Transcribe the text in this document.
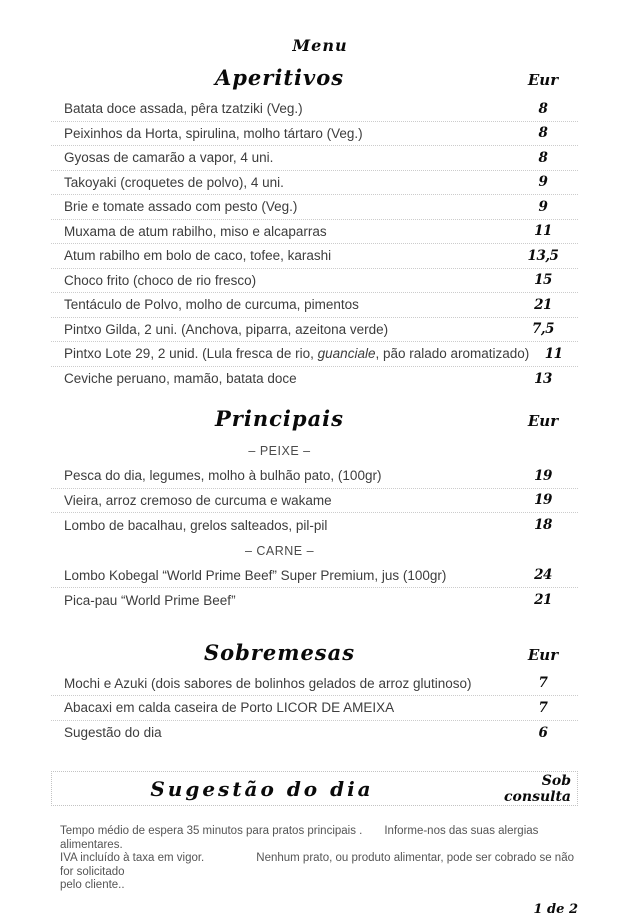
Menu
Aperitivos	Eur
Batata doce assada, pêra tzatziki (Veg.)	8
Peixinhos da Horta, spirulina, molho tártaro (Veg.)	8
Gyosas de camarão a vapor, 4 uni.	8
Takoyaki (croquetes de polvo), 4 uni.	9
Brie e tomate assado com pesto (Veg.)	9
Muxama de atum rabilho, miso e alcaparras	11
Atum rabilho em bolo de caco, tofee, karashi	13,5
Choco frito (choco de rio fresco)	15
Tentáculo de Polvo, molho de curcuma, pimentos	21
Pintxo Gilda, 2 uni. (Anchova, piparra, azeitona verde)	7,5
Pintxo Lote 29, 2 unid. (Lula fresca de rio, guanciale, pão ralado aromatizado)	11
Ceviche peruano, mamão, batata doce	13
Principais	Eur
– PEIXE –
Pesca do dia, legumes, molho à bulhão pato, (100gr)	19
Vieira, arroz cremoso de curcuma e wakame	19
Lombo de bacalhau, grelos salteados, pil-pil	18
– CARNE –
Lombo Kobegal “World Prime Beef” Super Premium, jus (100gr)	24
Pica-pau “World Prime Beef”	21
Sobremesas	Eur
Mochi e Azuki (dois sabores de bolinhos gelados de arroz glutinoso)	7
Abacaxi em calda caseira de Porto LICOR DE AMEIXA	7
Sugestão do dia	6
Sugestão do dia	Sob consulta
Tempo médio de espera 35 minutos para pratos principais . Informe-nos das suas alergias alimentares.
IVA incluído à taxa em vigor.	Nenhum prato, ou produto alimentar, pode ser cobrado se não for solicitado
pelo cliente..
1 de 2
